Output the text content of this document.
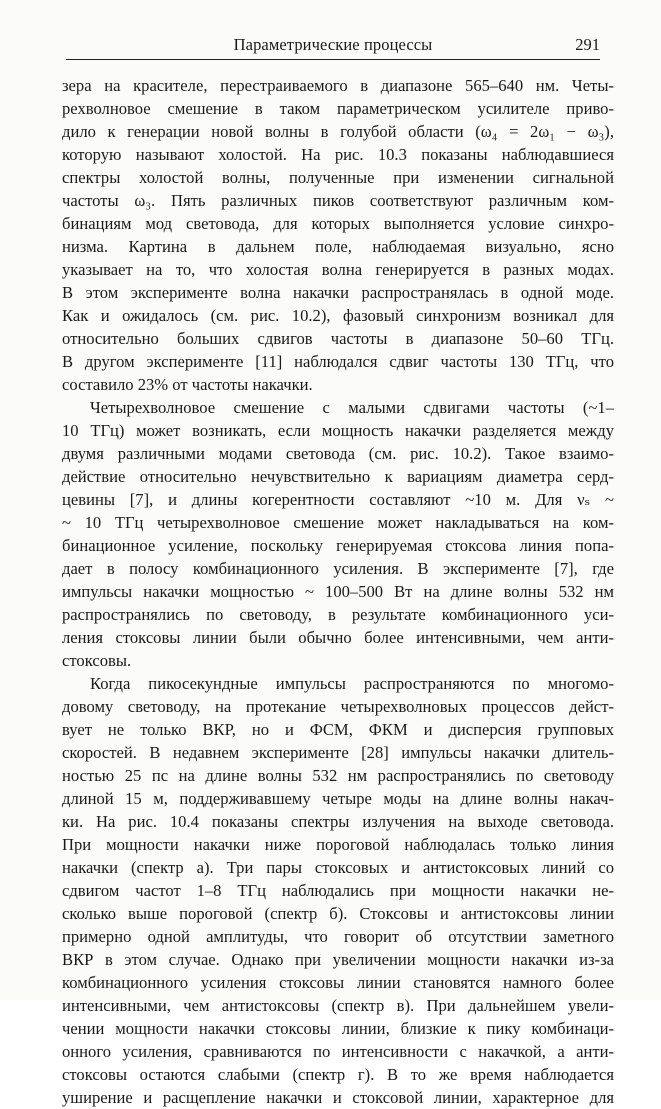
Параметрические процессы	291
зера на красителе, перестраиваемого в диапазоне 565–640 нм. Четы-
рехволновое смешение в таком параметрическом усилителе приво-
дило к генерации новой волны в голубой области (ω₄ = 2ω₁ − ω₃),
которую называют холостой. На рис. 10.3 показаны наблюдавшиеся
спектры холостой волны, полученные при изменении сигнальной
частоты ω₃. Пять различных пиков соответствуют различным ком-
бинациям мод световода, для которых выполняется условие синхро-
низма. Картина в дальнем поле, наблюдаемая визуально, ясно
указывает на то, что холостая волна генерируется в разных модах.
В этом эксперименте волна накачки распространялась в одной моде.
Как и ожидалось (см. рис. 10.2), фазовый синхронизм возникал для
относительно больших сдвигов частоты в диапазоне 50–60 ТГц.
В другом эксперименте [11] наблюдался сдвиг частоты 130 ТГц, что
составило 23% от частоты накачки.
Четырехволновое смешение с малыми сдвигами частоты (~1–
10 ТГц) может возникать, если мощность накачки разделяется между
двумя различными модами световода (см. рис. 10.2). Такое взаимо-
действие относительно нечувствительно к вариациям диаметра серд-
цевины [7], и длины когерентности составляют ~10 м. Для νₛ ~
~ 10 ТГц четырехволновое смешение может накладываться на ком-
бинационное усиление, поскольку генерируемая стоксова линия попа-
дает в полосу комбинационного усиления. В эксперименте [7], где
импульсы накачки мощностью ~ 100–500 Вт на длине волны 532 нм
распространялись по световоду, в результате комбинационного уси-
ления стоксовы линии были обычно более интенсивными, чем анти-
стоксовы.
Когда пикосекундные импульсы распространяются по многомо-
довому световоду, на протекание четырехволновых процессов дейст-
вует не только ВКР, но и ФСМ, ФКМ и дисперсия групповых
скоростей. В недавнем эксперименте [28] импульсы накачки длитель-
ностью 25 пс на длине волны 532 нм распространялись по световоду
длиной 15 м, поддерживавшему четыре моды на длине волны накач-
ки. На рис. 10.4 показаны спектры излучения на выходе световода.
При мощности накачки ниже пороговой наблюдалась только линия
накачки (спектр а). Три пары стоксовых и антистоксовых линий со
сдвигом частот 1–8 ТГц наблюдались при мощности накачки не-
сколько выше пороговой (спектр б). Стоксовы и антистоксовы линии
примерно одной амплитуды, что говорит об отсутствии заметного
ВКР в этом случае. Однако при увеличении мощности накачки из-за
комбинационного усиления стоксовы линии становятся намного более
интенсивными, чем антистоксовы (спектр в). При дальнейшем увели-
чении мощности накачки стоксовы линии, близкие к пику комбинаци-
онного усиления, сравниваются по интенсивности с накачкой, а анти-
стоксовы остаются слабыми (спектр г). В то же время наблюдается
уширение и расщепление накачки и стоксовой линии, характерное для
